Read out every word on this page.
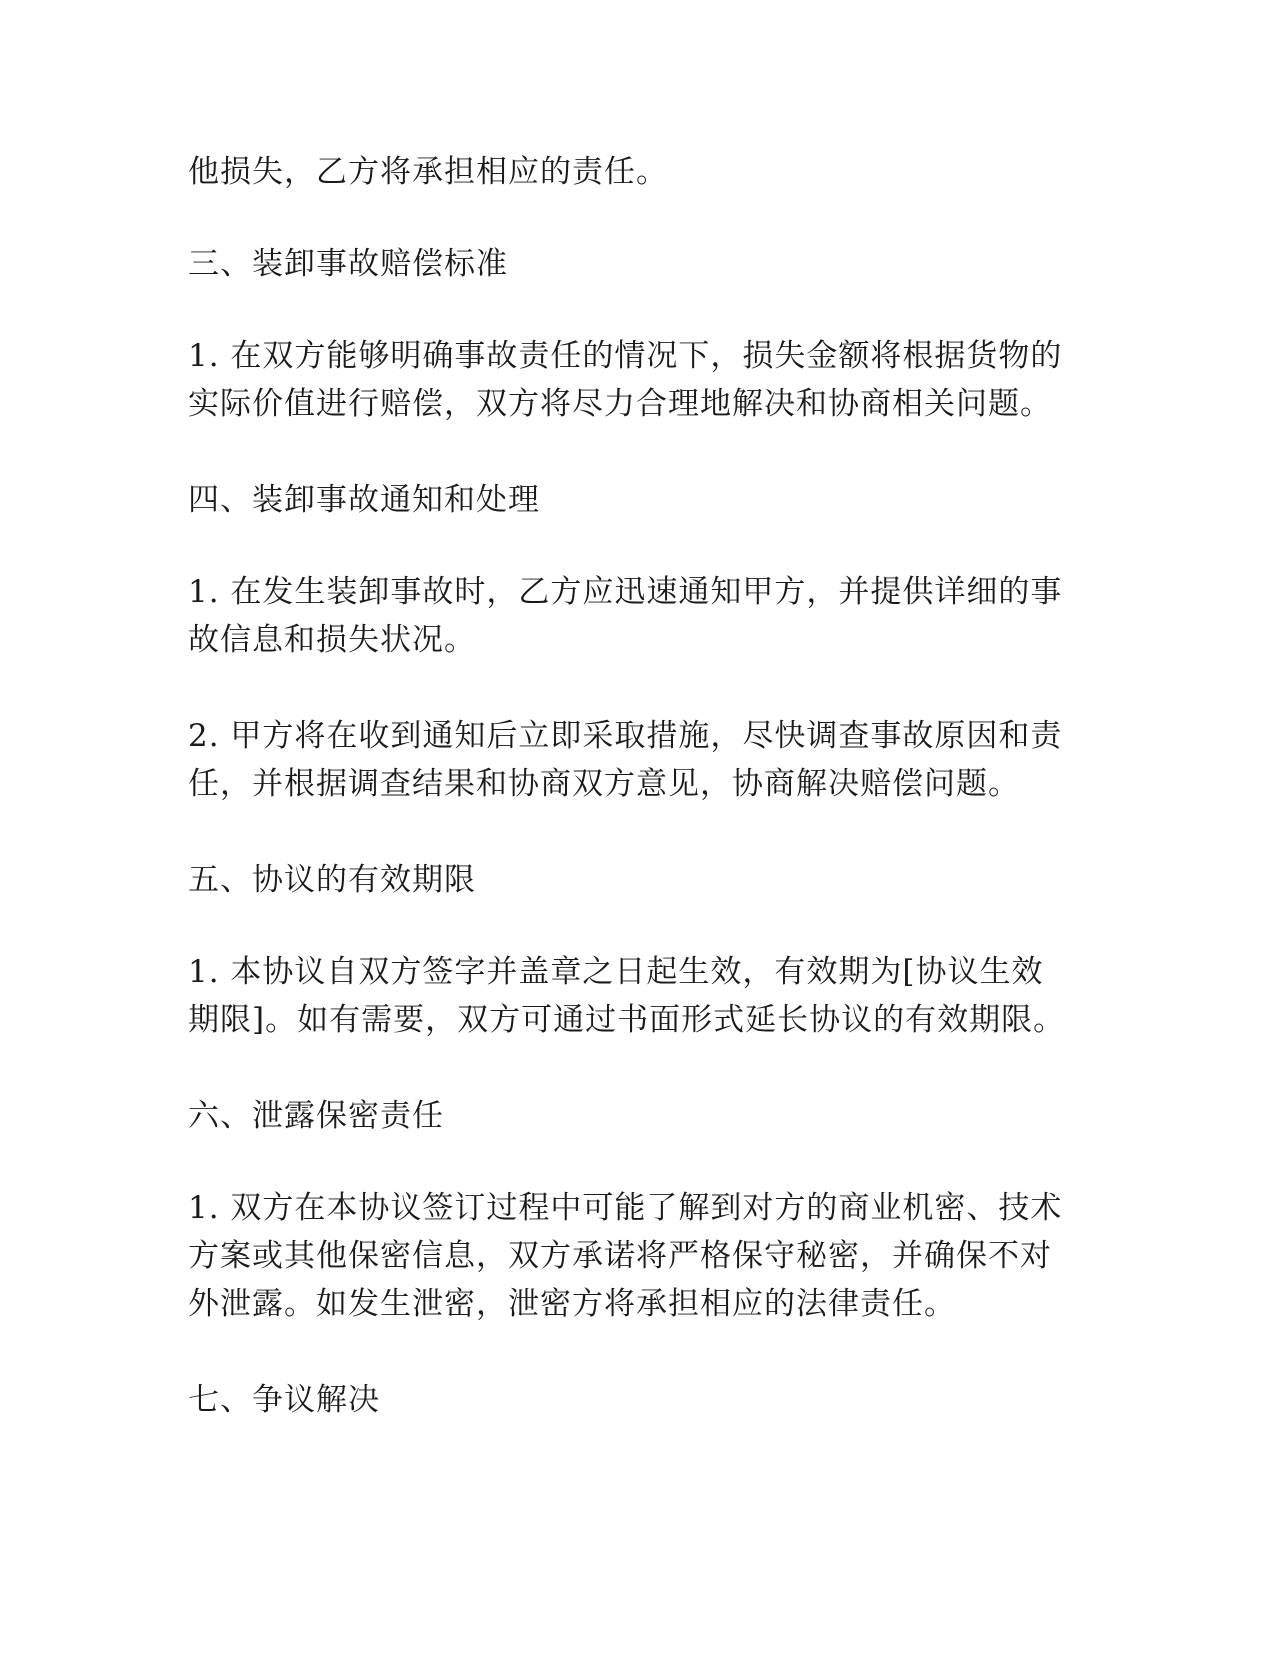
他损失，乙方将承担相应的责任。
三、装卸事故赔偿标准
1. 在双方能够明确事故责任的情况下，损失金额将根据货物的
实际价值进行赔偿，双方将尽力合理地解决和协商相关问题。
四、装卸事故通知和处理
1. 在发生装卸事故时，乙方应迅速通知甲方，并提供详细的事
故信息和损失状况。
2. 甲方将在收到通知后立即采取措施，尽快调查事故原因和责
任，并根据调查结果和协商双方意见，协商解决赔偿问题。
五、协议的有效期限
1. 本协议自双方签字并盖章之日起生效，有效期为[协议生效
期限]。如有需要，双方可通过书面形式延长协议的有效期限。
六、泄露保密责任
1. 双方在本协议签订过程中可能了解到对方的商业机密、技术
方案或其他保密信息，双方承诺将严格保守秘密，并确保不对
外泄露。如发生泄密，泄密方将承担相应的法律责任。
七、争议解决
